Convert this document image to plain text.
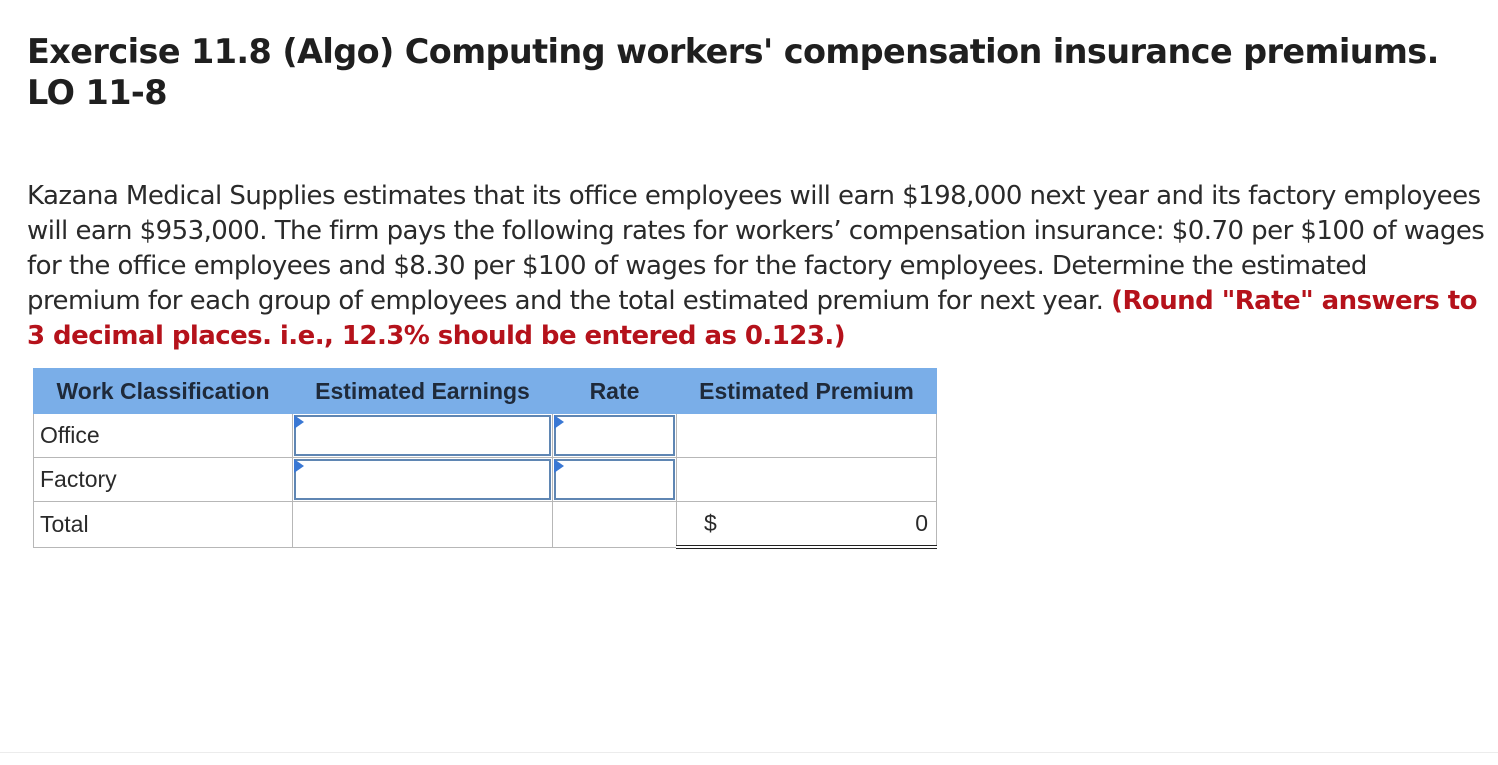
Exercise 11.8 (Algo) Computing workers' compensation insurance premiums. LO 11-8

Kazana Medical Supplies estimates that its office employees will earn $198,000 next year and its factory employees will earn $953,000. The firm pays the following rates for workers’ compensation insurance: $0.70 per $100 of wages for the office employees and $8.30 per $100 of wages for the factory employees. Determine the estimated premium for each group of employees and the total estimated premium for next year. (Round "Rate" answers to 3 decimal places. i.e., 12.3% should be entered as 0.123.)

Work Classification	Estimated Earnings	Rate	Estimated Premium
Office	

Factory	

Total			$ 0
